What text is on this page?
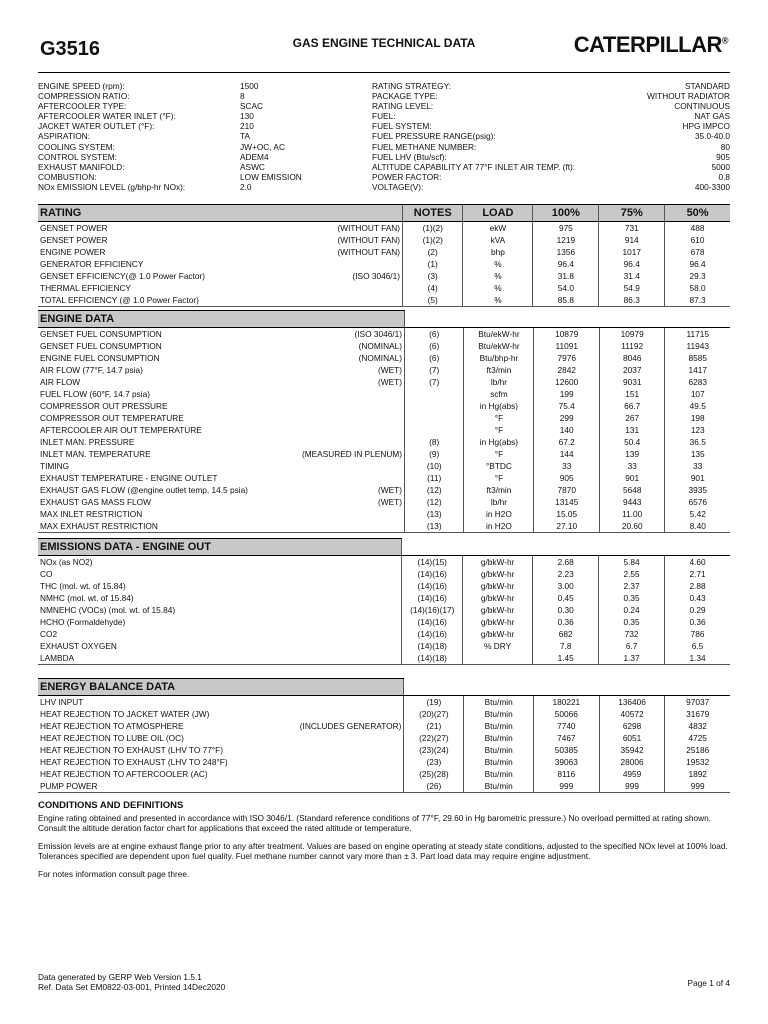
G3516	GAS ENGINE TECHNICAL DATA	CATERPILLAR®
ENGINE SPEED (rpm):	1500
COMPRESSION RATIO:	8
AFTERCOOLER TYPE:	SCAC
AFTERCOOLER WATER INLET (°F):	130
JACKET WATER OUTLET (°F):	210
ASPIRATION:	TA
COOLING SYSTEM:	JW+OC, AC
CONTROL SYSTEM:	ADEM4
EXHAUST MANIFOLD:	ASWC
COMBUSTION:	LOW EMISSION
NOx EMISSION LEVEL (g/bhp-hr NOx):	2.0
RATING STRATEGY:	STANDARD
PACKAGE TYPE:	WITHOUT RADIATOR
RATING LEVEL:	CONTINUOUS
FUEL:	NAT GAS
FUEL SYSTEM:	HPG IMPCO
FUEL PRESSURE RANGE(psig):	35.0-40.0
FUEL METHANE NUMBER:	80
FUEL LHV (Btu/scf):	905
ALTITUDE CAPABILITY AT 77°F INLET AIR TEMP. (ft):	5000
POWER FACTOR:	0.8
VOLTAGE(V):	400-3300
RATING		NOTES	LOAD	100%	75%	50%
GENSET POWER	(WITHOUT FAN)	(1)(2)	ekW	975	731	488
GENSET POWER	(WITHOUT FAN)	(1)(2)	kVA	1219	914	610
ENGINE POWER	(WITHOUT FAN)	(2)	bhp	1356	1017	678
GENERATOR EFFICIENCY		(1)	%	96.4	96.4	96.4
GENSET EFFICIENCY(@ 1.0 Power Factor)	(ISO 3046/1)	(3)	%	31.8	31.4	29.3
THERMAL EFFICIENCY		(4)	%	54.0	54.9	58.0
TOTAL EFFICIENCY (@ 1.0 Power Factor)		(5)	%	85.8	86.3	87.3
ENGINE DATA						
GENSET FUEL CONSUMPTION	(ISO 3046/1)	(6)	Btu/ekW-hr	10879	10979	11715
GENSET FUEL CONSUMPTION	(NOMINAL)	(6)	Btu/ekW-hr	11091	11192	11943
ENGINE FUEL CONSUMPTION	(NOMINAL)	(6)	Btu/bhp-hr	7976	8046	8585
AIR FLOW (77°F, 14.7 psia)	(WET)	(7)	ft3/min	2842	2037	1417
AIR FLOW	(WET)	(7)	lb/hr	12600	9031	6283
FUEL FLOW (60°F, 14.7 psia)			scfm	199	151	107
COMPRESSOR OUT PRESSURE			in Hg(abs)	75.4	66.7	49.5
COMPRESSOR OUT TEMPERATURE			°F	299	267	198
AFTERCOOLER AIR OUT TEMPERATURE			°F	140	131	123
INLET MAN. PRESSURE		(8)	in Hg(abs)	67.2	50.4	36.5
INLET MAN. TEMPERATURE	(MEASURED IN PLENUM)	(9)	°F	144	139	135
TIMING		(10)	°BTDC	33	33	33
EXHAUST TEMPERATURE - ENGINE OUTLET		(11)	°F	905	901	901
EXHAUST GAS FLOW (@engine outlet temp, 14.5 psia)	(WET)	(12)	ft3/min	7870	5648	3935
EXHAUST GAS MASS FLOW	(WET)	(12)	lb/hr	13145	9443	6576
MAX INLET RESTRICTION		(13)	in H2O	15.05	11.00	5.42
MAX EXHAUST RESTRICTION		(13)	in H2O	27.10	20.60	8.40
EMISSIONS DATA - ENGINE OUT						
NOx (as NO2)		(14)(15)	g/bkW-hr	2.68	5.84	4.60
CO		(14)(16)	g/bkW-hr	2.23	2.55	2.71
THC (mol. wt. of 15.84)		(14)(16)	g/bkW-hr	3.00	2.37	2.88
NMHC (mol. wt. of 15.84)		(14)(16)	g/bkW-hr	0.45	0.35	0.43
NMNEHC (VOCs) (mol. wt. of 15.84)		(14)(16)(17)	g/bkW-hr	0.30	0.24	0.29
HCHO (Formaldehyde)		(14)(16)	g/bkW-hr	0.36	0.35	0.36
CO2		(14)(16)	g/bkW-hr	682	732	786
EXHAUST OXYGEN		(14)(18)	% DRY	7.8	6.7	6.5
LAMBDA		(14)(18)		1.45	1.37	1.34
ENERGY BALANCE DATA						
LHV INPUT		(19)	Btu/min	180221	136406	97037
HEAT REJECTION TO JACKET WATER (JW)		(20)(27)	Btu/min	50066	40572	31679
HEAT REJECTION TO ATMOSPHERE	(INCLUDES GENERATOR)	(21)	Btu/min	7740	6298	4832
HEAT REJECTION TO LUBE OIL (OC)		(22)(27)	Btu/min	7467	6051	4725
HEAT REJECTION TO EXHAUST (LHV TO 77°F)		(23)(24)	Btu/min	50385	35942	25186
HEAT REJECTION TO EXHAUST (LHV TO 248°F)		(23)	Btu/min	39063	28006	19532
HEAT REJECTION TO AFTERCOOLER (AC)		(25)(28)	Btu/min	8116	4959	1892
PUMP POWER		(26)	Btu/min	999	999	999
CONDITIONS AND DEFINITIONS

Engine rating obtained and presented in accordance with ISO 3046/1. (Standard reference conditions of 77°F, 29.60 in Hg barometric pressure.) No overload permitted at rating shown. Consult the altitude deration factor chart for applications that exceed the rated altitude or temperature.

Emission levels are at engine exhaust flange prior to any after treatment. Values are based on engine operating at steady state conditions, adjusted to the specified NOx level at 100% load. Tolerances specified are dependent upon fuel quality. Fuel methane number cannot vary more than ± 3. Part load data may require engine adjustment.

For notes information consult page three.

Data generated by GERP Web Version 1.5.1
Ref. Data Set EM0822-03-001, Printed 14Dec2020	Page 1 of 4
